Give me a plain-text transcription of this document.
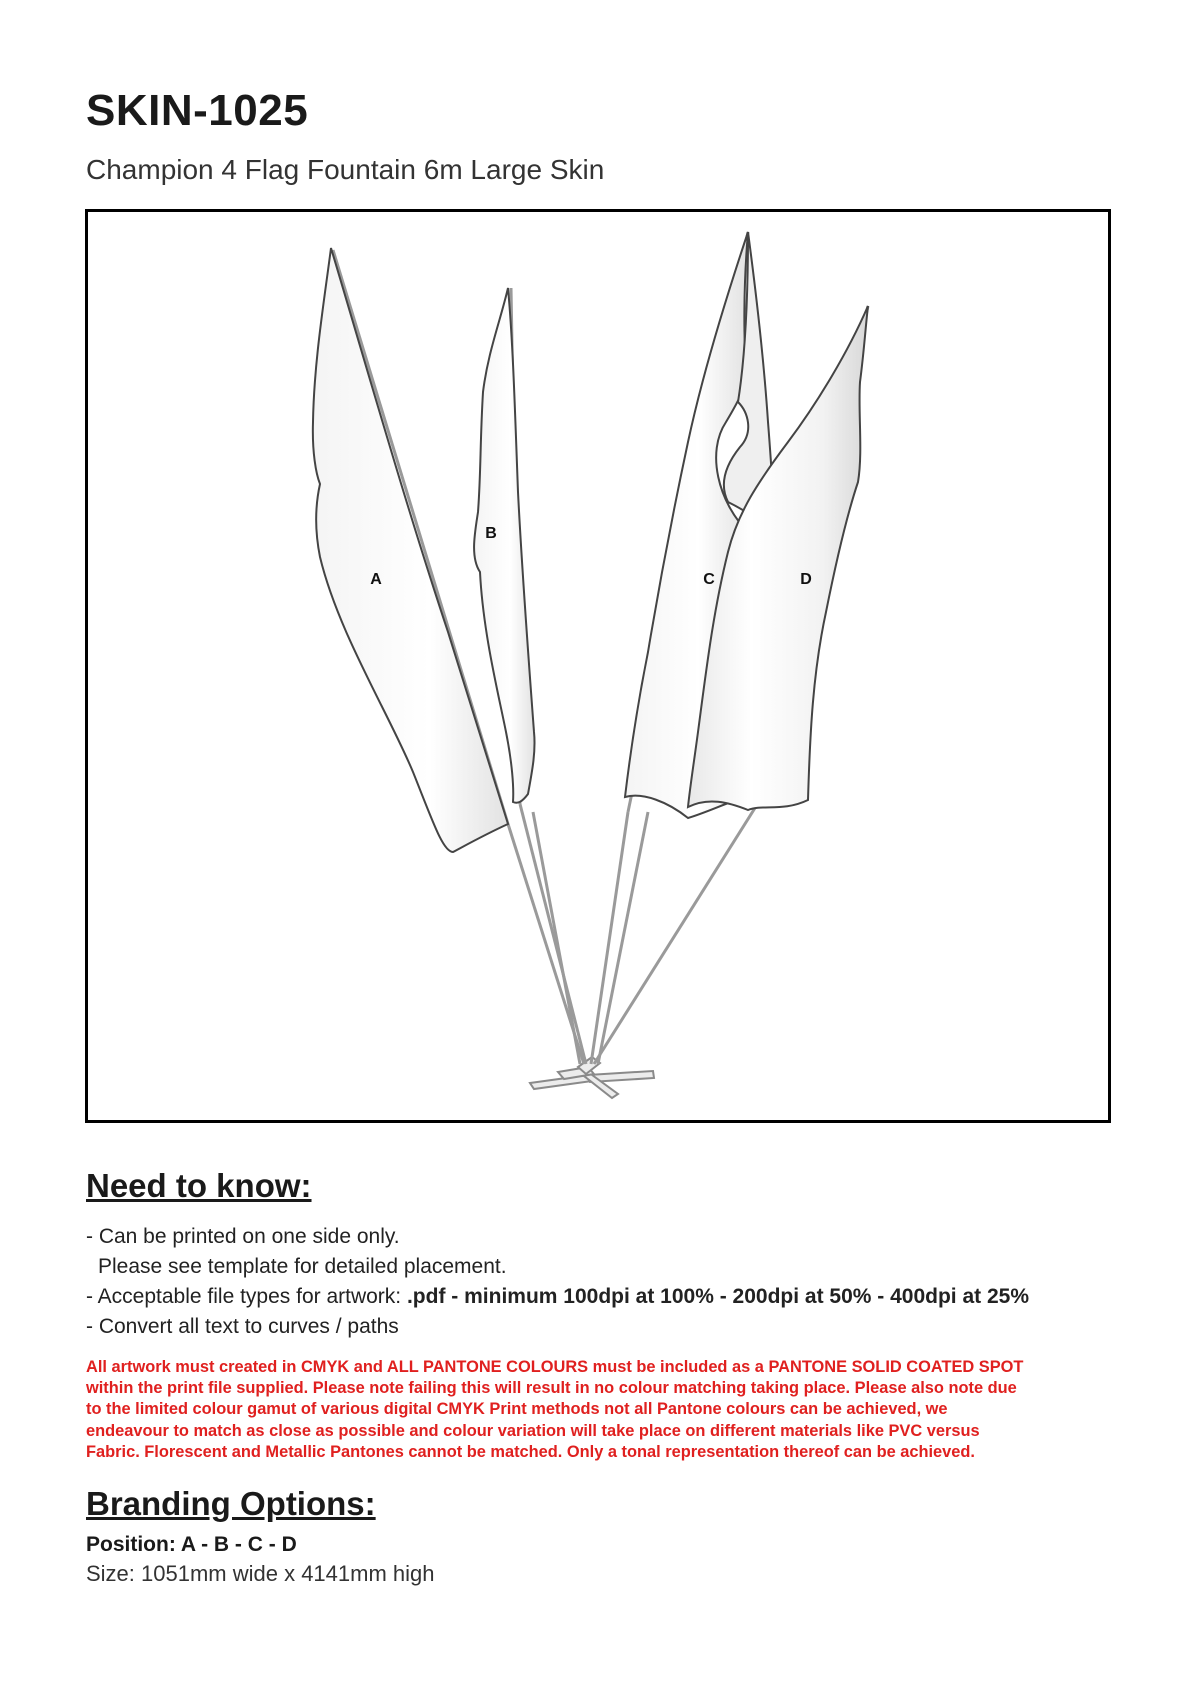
SKIN-1025

Champion 4 Flag Fountain 6m Large Skin

A
B
C	D
Need to know:
- Can be printed on one side only.
Please see template for detailed placement.
- Acceptable file types for artwork: .pdf - minimum 100dpi at 100% - 200dpi at 50% - 400dpi at 25%
- Convert all text to curves / paths
All artwork must created in CMYK and ALL PANTONE COLOURS must be included as a PANTONE SOLID COATED SPOT
within the print file supplied. Please note failing this will result in no colour matching taking place. Please also note due
to the limited colour gamut of various digital CMYK Print methods not all Pantone colours can be achieved, we
endeavour to match as close as possible and colour variation will take place on different materials like PVC versus
Fabric. Florescent and Metallic Pantones cannot be matched. Only a tonal representation thereof can be achieved.
Branding Options:
Position: A - B - C - D
Size: 1051mm wide x 4141mm high
